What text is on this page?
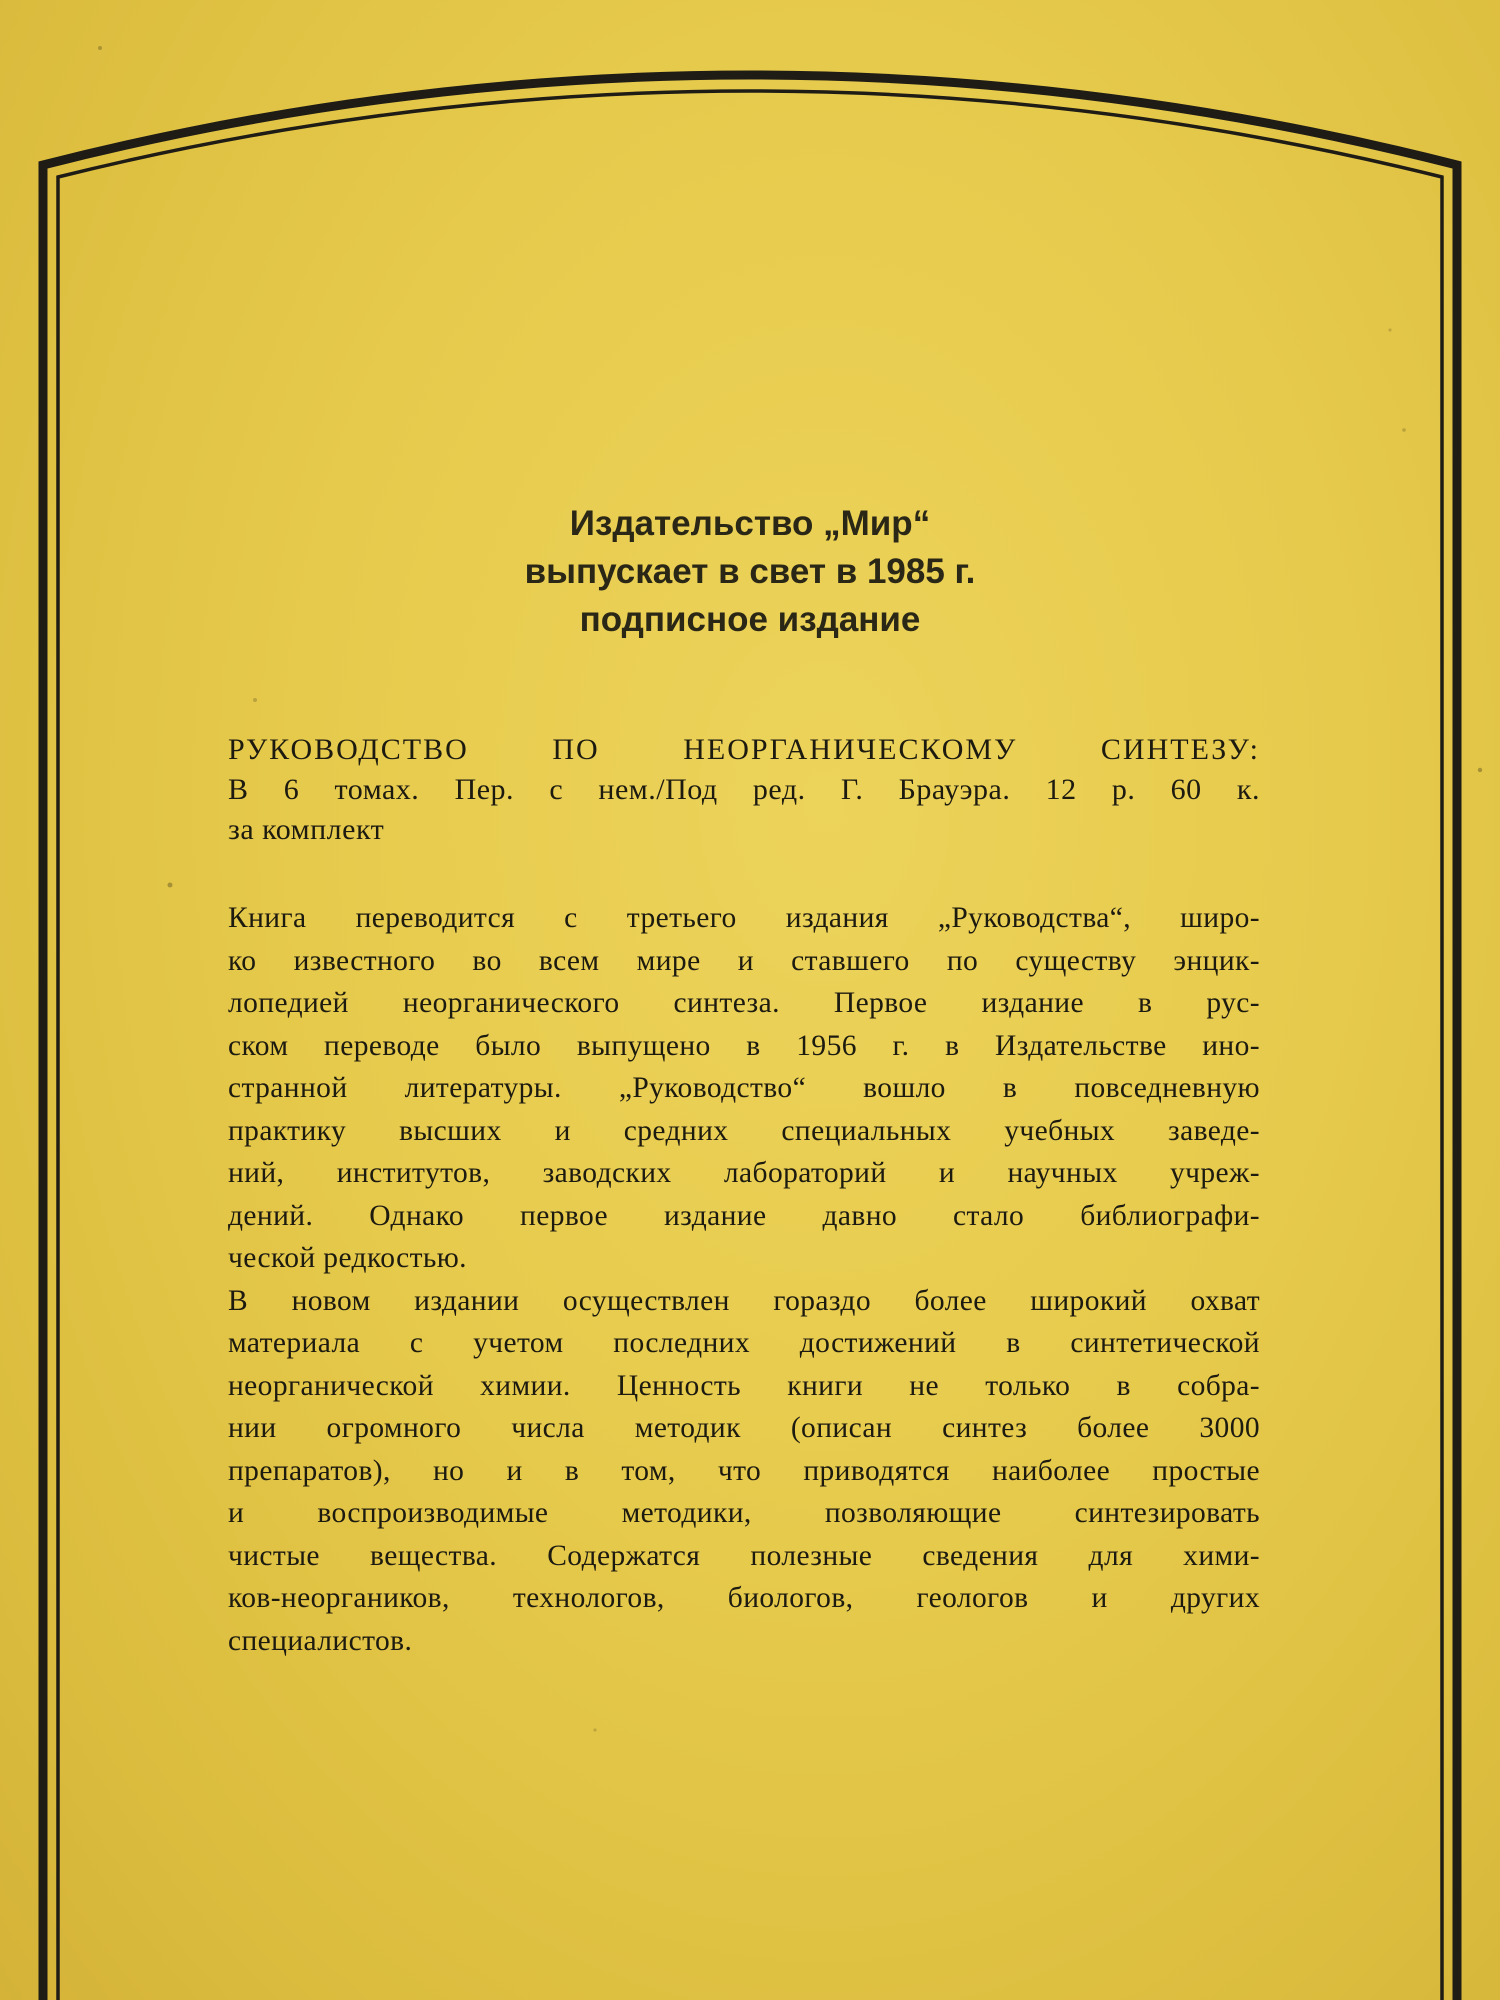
Издательство „Мир“
выпускает в свет в 1985 г.
подписное издание
РУКОВОДСТВО ПО НЕОРГАНИЧЕСКОМУ СИНТЕЗУ:
В 6 томах. Пер. с нем./Под ред. Г. Брауэра. 12 р. 60 к.
за комплект
Книга переводится с третьего издания „Руководства“, широ-
ко известного во всем мире и ставшего по существу энцик-
лопедией неорганического синтеза. Первое издание в рус-
ском переводе было выпущено в 1956 г. в Издательстве ино-
странной литературы. „Руководство“ вошло в повседневную
практику высших и средних специальных учебных заведе-
ний, институтов, заводских лабораторий и научных учреж-
дений. Однако первое издание давно стало библиографи-
ческой редкостью.
В новом издании осуществлен гораздо более широкий охват
материала с учетом последних достижений в синтетической
неорганической химии. Ценность книги не только в собра-
нии огромного числа методик (описан синтез более 3000
препаратов), но и в том, что приводятся наиболее простые
и воспроизводимые методики, позволяющие синтезировать
чистые вещества. Содержатся полезные сведения для хими-
ков-неоргаников, технологов, биологов, геологов и других
специалистов.
